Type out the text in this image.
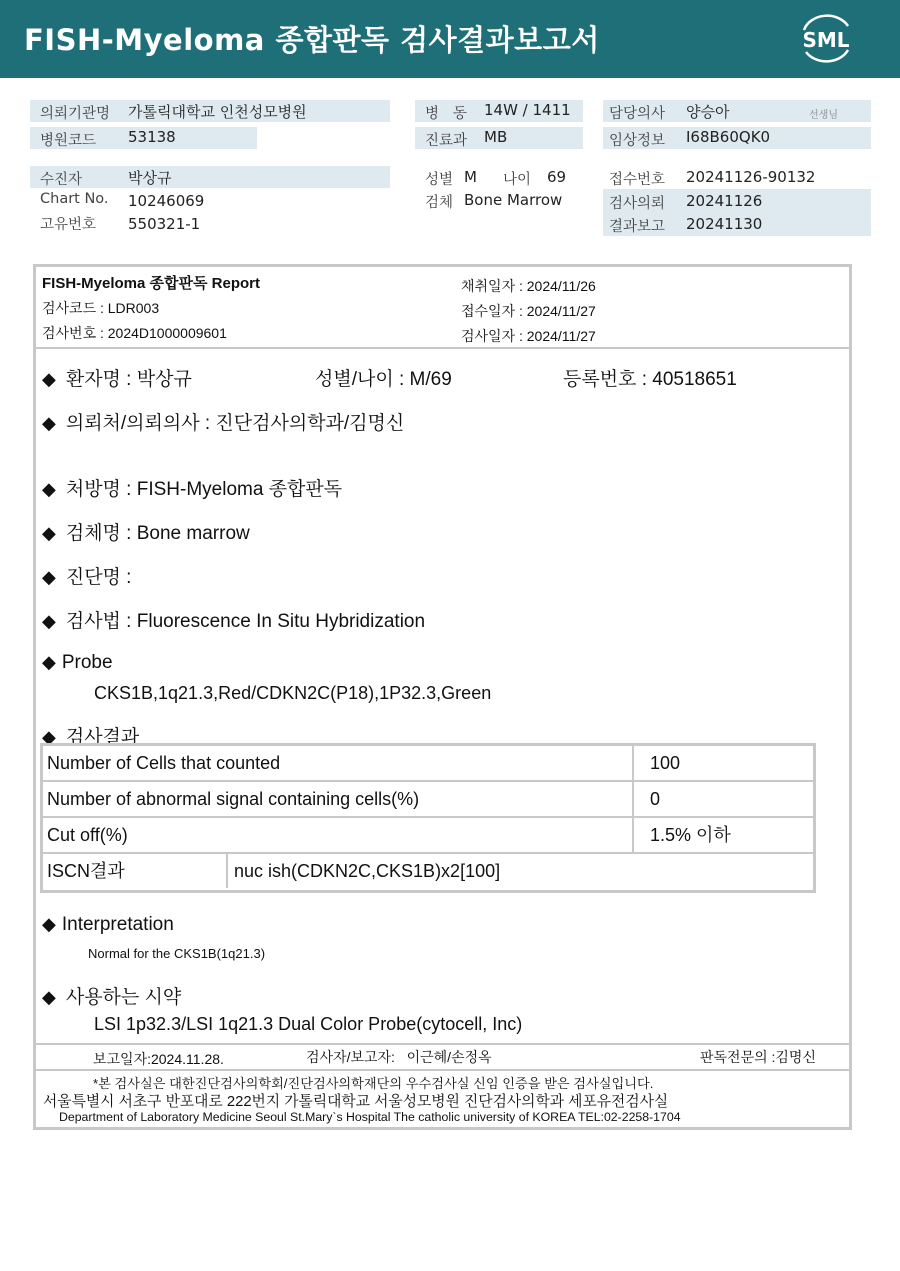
FISH-Myeloma 종합판독 검사결과보고서	SML
의뢰기관명 가톨릭대학교 인천성모병원
병원코드 53138
병   동 14W / 1411
진료과 MB
담당의사 양승아	선생님
임상정보 I68B60QK0
수진자	박상규
Chart No. 10246069
고유번호 550321-1
성별 M 나이 69
검체 Bone Marrow
접수번호 20241126-90132
검사의뢰 20241126
결과보고 20241130
FISH-Myeloma 종합판독 Report
검사코드 : LDR003
검사번호 : 2024D1000009601
채취일자 : 2024/11/26
접수일자 : 2024/11/27
검사일자 : 2024/11/27
◆ 환자명 : 박상규	성별/나이 : M/69	등록번호 : 40518651
◆ 의뢰처/의뢰의사 : 진단검사의학과/김명신
◆ 처방명 : FISH-Myeloma 종합판독
◆ 검체명 : Bone marrow
◆ 진단명 :
◆ 검사법 : Fluorescence In Situ Hybridization
◆ Probe
CKS1B,1q21.3,Red/CDKN2C(P18),1P32.3,Green
◆ 검사결과
Number of Cells that counted	100
Number of abnormal signal containing cells(%)	0
Cut off(%)	1.5% 이하
ISCN결과	nuc ish(CDKN2C,CKS1B)x2[100]
◆ Interpretation
Normal for the CKS1B(1q21.3)
◆ 사용하는 시약
LSI 1p32.3/LSI 1q21.3 Dual Color Probe(cytocell, Inc)
보고일자:2024.11.28.	검사자/보고자:   이근혜/손정옥	판독전문의 :김명신
*본 검사실은 대한진단검사의학회/진단검사의학재단의 우수검사실 신임 인증을 받은 검사실입니다.
서울특별시 서초구 반포대로 222번지 가톨릭대학교 서울성모병원 진단검사의학과 세포유전검사실
Department of Laboratory Medicine Seoul St.Mary`s Hospital The catholic university of KOREA TEL:02-2258-1704
